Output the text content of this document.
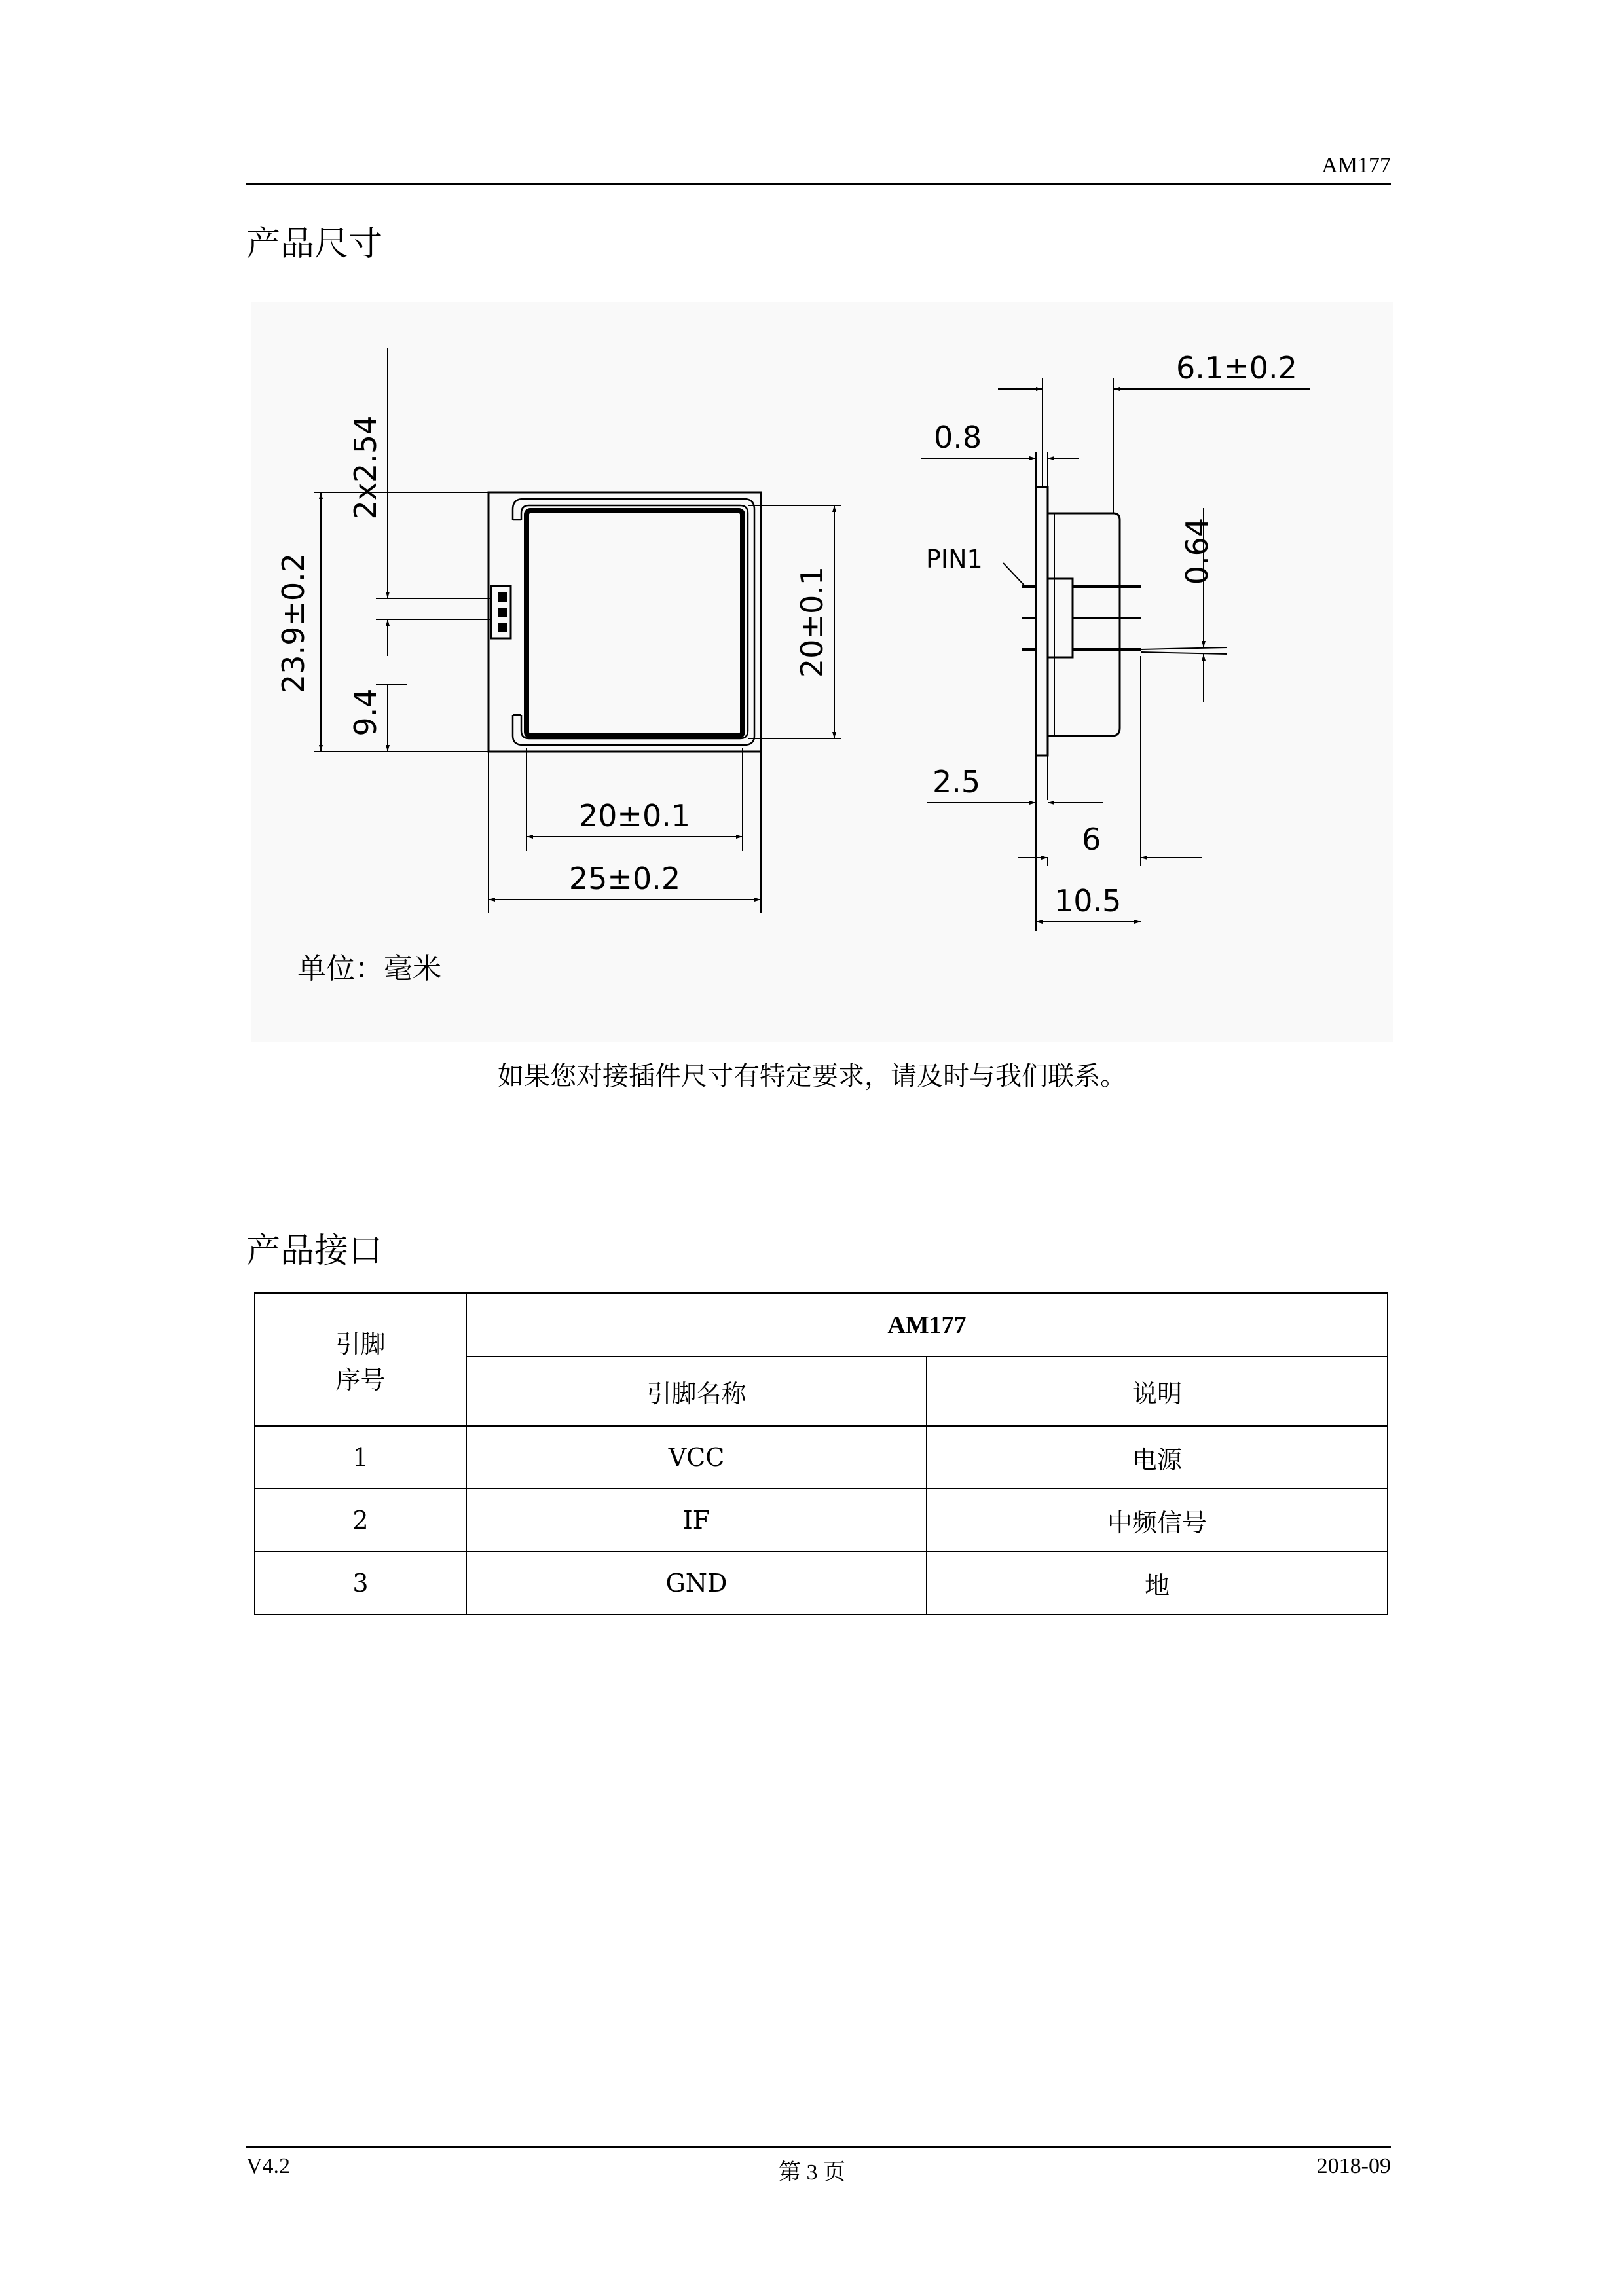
AM177
产品尺寸
2x2.54
23.9±0.2
9.4
20±0.1
20±0.1
25±0.2
6.1±0.2
0.8
PIN1	0.64
2.5
6
10.5
单位：毫米
如果您对接插件尺寸有特定要求，请及时与我们联系。
产品接口
引脚
序号	AM177	
	引脚名称	说明
1	VCC	电源
2	IF	中频信号
3	GND	地
V4.2	第 3 页	2018-09
